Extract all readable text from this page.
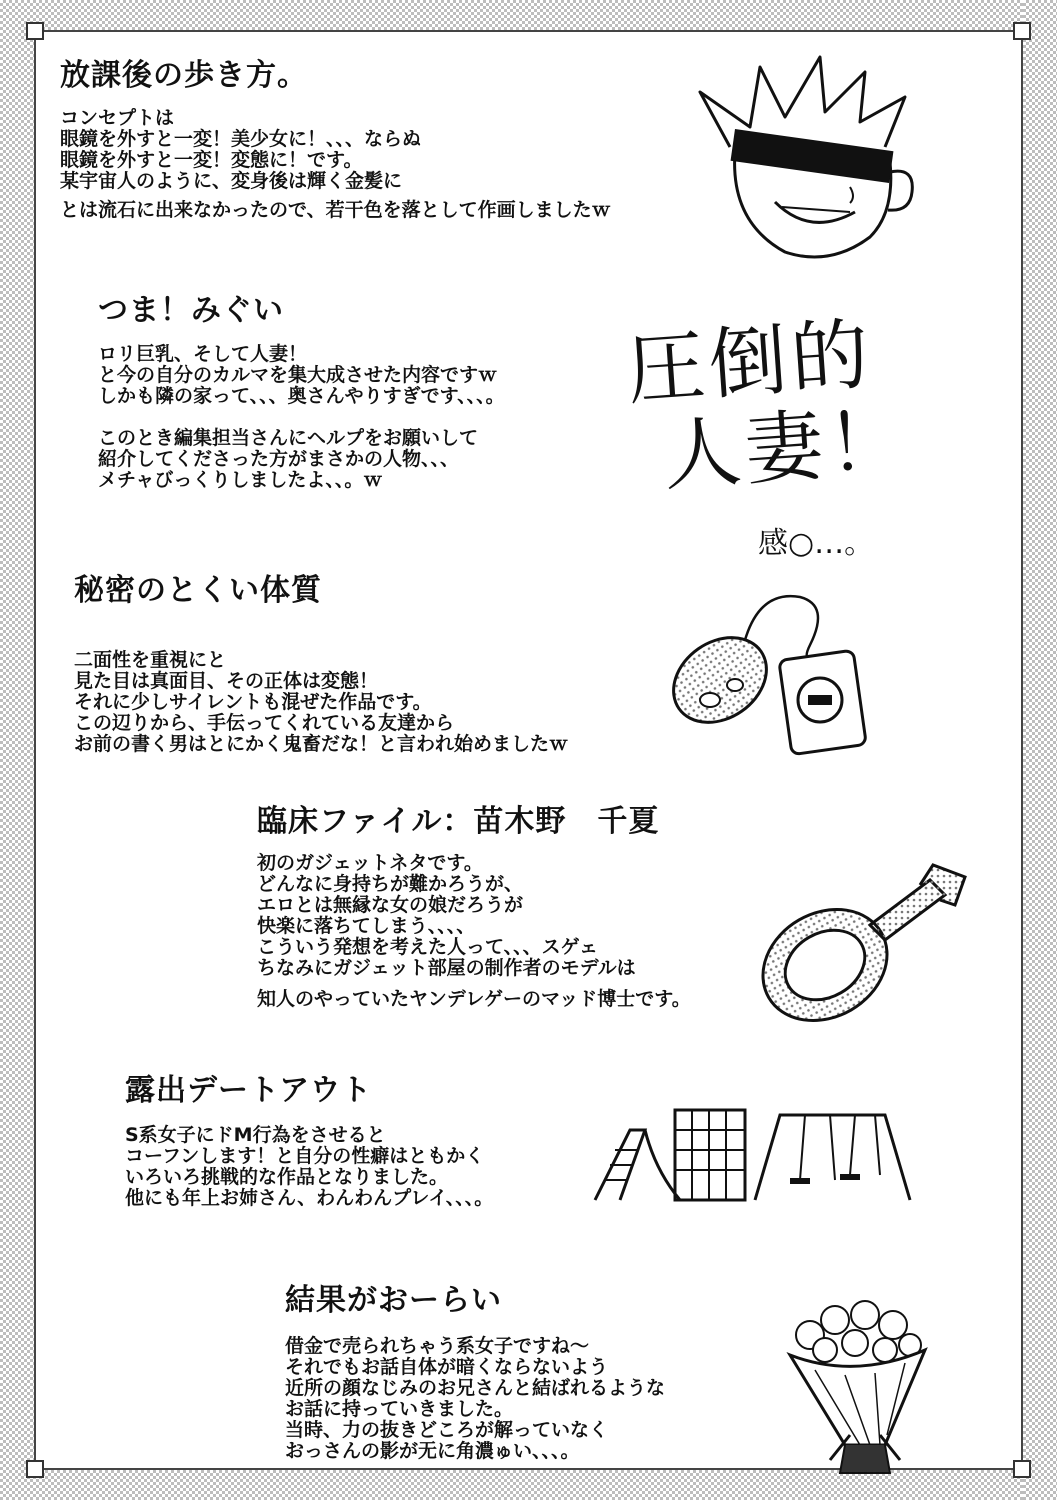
放課後の歩き方。
コンセプトは
眼鏡を外すと一変！美少女に！、、、ならぬ
眼鏡を外すと一変！変態に！です。
某宇宙人のように、変身後は輝く金髪に
とは流石に出来なかったので、若干色を落として作画しましたｗ
つま！みぐい
ロリ巨乳、そして人妻！
と今の自分のカルマを集大成させた内容ですｗ
しかも隣の家って、、、奥さんやりすぎです、、、。

このとき編集担当さんにヘルプをお願いして
紹介してくださった方がまさかの人物、、、
メチャびっくりしましたよ、、。ｗ
圧倒的
人妻！
感○…。
秘密のとくい体質
二面性を重視にと
見た目は真面目、その正体は変態！
それに少しサイレントも混ぜた作品です。
この辺りから、手伝ってくれている友達から
お前の書く男はとにかく鬼畜だな！と言われ始めましたｗ
臨床ファイル：苗木野　千夏
初のガジェットネタです。
どんなに身持ちが難かろうが、
エロとは無縁な女の娘だろうが
快楽に落ちてしまう、、、、
こういう発想を考えた人って、、、スゲェ
ちなみにガジェット部屋の制作者のモデルは
知人のやっていたヤンデレゲーのマッド博士です。
露出デートアウト
S系女子にドM行為をさせると
コーフンします！と自分の性癖はともかく
いろいろ挑戦的な作品となりました。
他にも年上お姉さん、わんわんプレイ、、、。
結果がおーらい
借金で売られちゃう系女子ですね～
それでもお話自体が暗くならないよう
近所の顔なじみのお兄さんと結ばれるような
お話に持っていきました。
当時、力の抜きどころが解っていなく
おっさんの影が无に角濃ゅい、、、。
